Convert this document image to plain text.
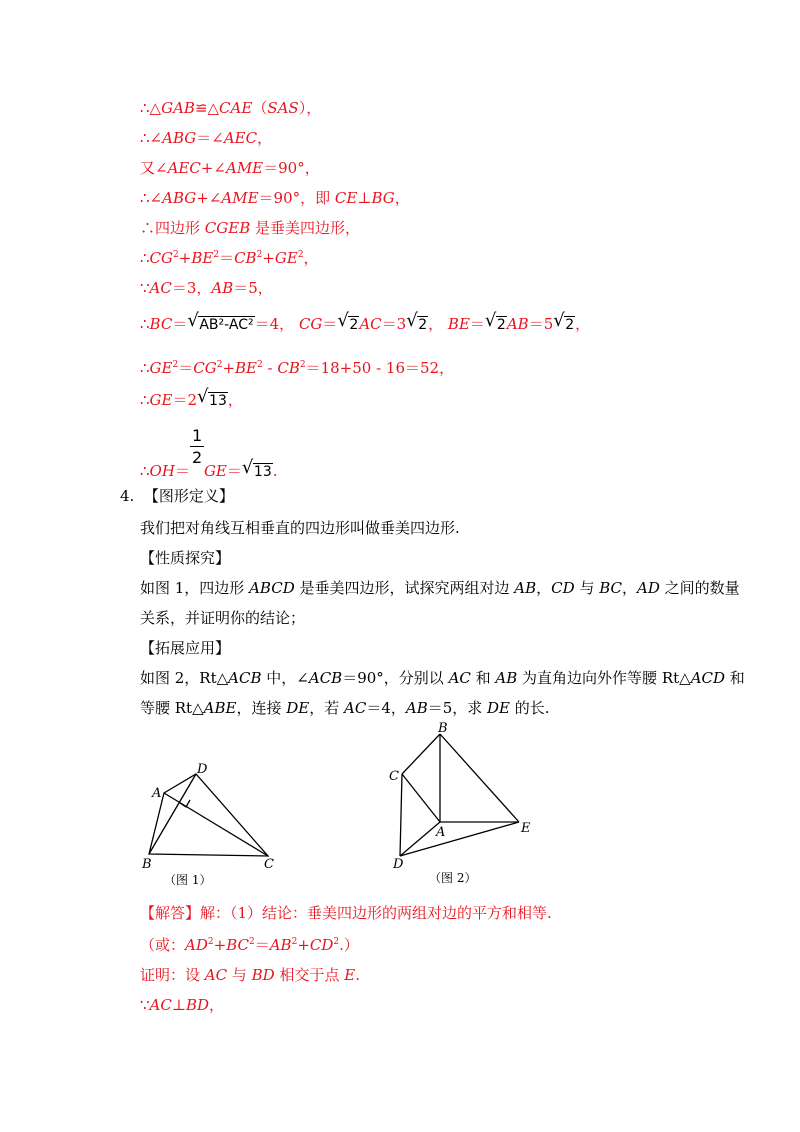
∴△GAB≌△CAE（SAS），
∴∠ABG＝∠AEC，
又∠AEC+∠AME＝90°，
∴∠ABG+∠AME＝90°，即 CE⊥BG，
∴四边形 CGEB 是垂美四边形，
$\therefore CG^2+BE^2=CB^2+GE^2$，
∵AC＝3，AB＝5，
∴BC＝ √ AB²-AC²＝4， CG＝ √ 2AC＝3 √ 2， BE＝ √ 2AB＝5 √ 2，
$\therefore GE^2=CG^2+BE^2 - CB^2=18+50 - 16=52$，
∴GE＝2 √ 13，
∴OH＝ $\frac{1}{2} GE=$ √ 13.
4. 【图形定义】
我们把对角线互相垂直的四边形叫做垂美四边形.
【性质探究】
如图 1，四边形 ABCD 是垂美四边形，试探究两组对边 AB，CD 与 BC，AD 之间的数量
关系，并证明你的结论；
【拓展应用】
如图 2，Rt△ACB 中，∠ACB＝90°，分别以 AC 和 AB 为直角边向外作等腰 Rt△ACD 和
等腰 Rt△ABE，连接 DE，若 AC＝4，AB＝5，求 DE 的长.
A
D
B	C
（图 1）
B
C
A	E
D
（图 2）
【解答】解：（1）结论：垂美四边形的两组对边的平方和相等.
（或：$AD^2+BC^2=AB^2+CD^2$.）
证明：设 AC 与 BD 相交于点 E.
∵AC⊥BD，
